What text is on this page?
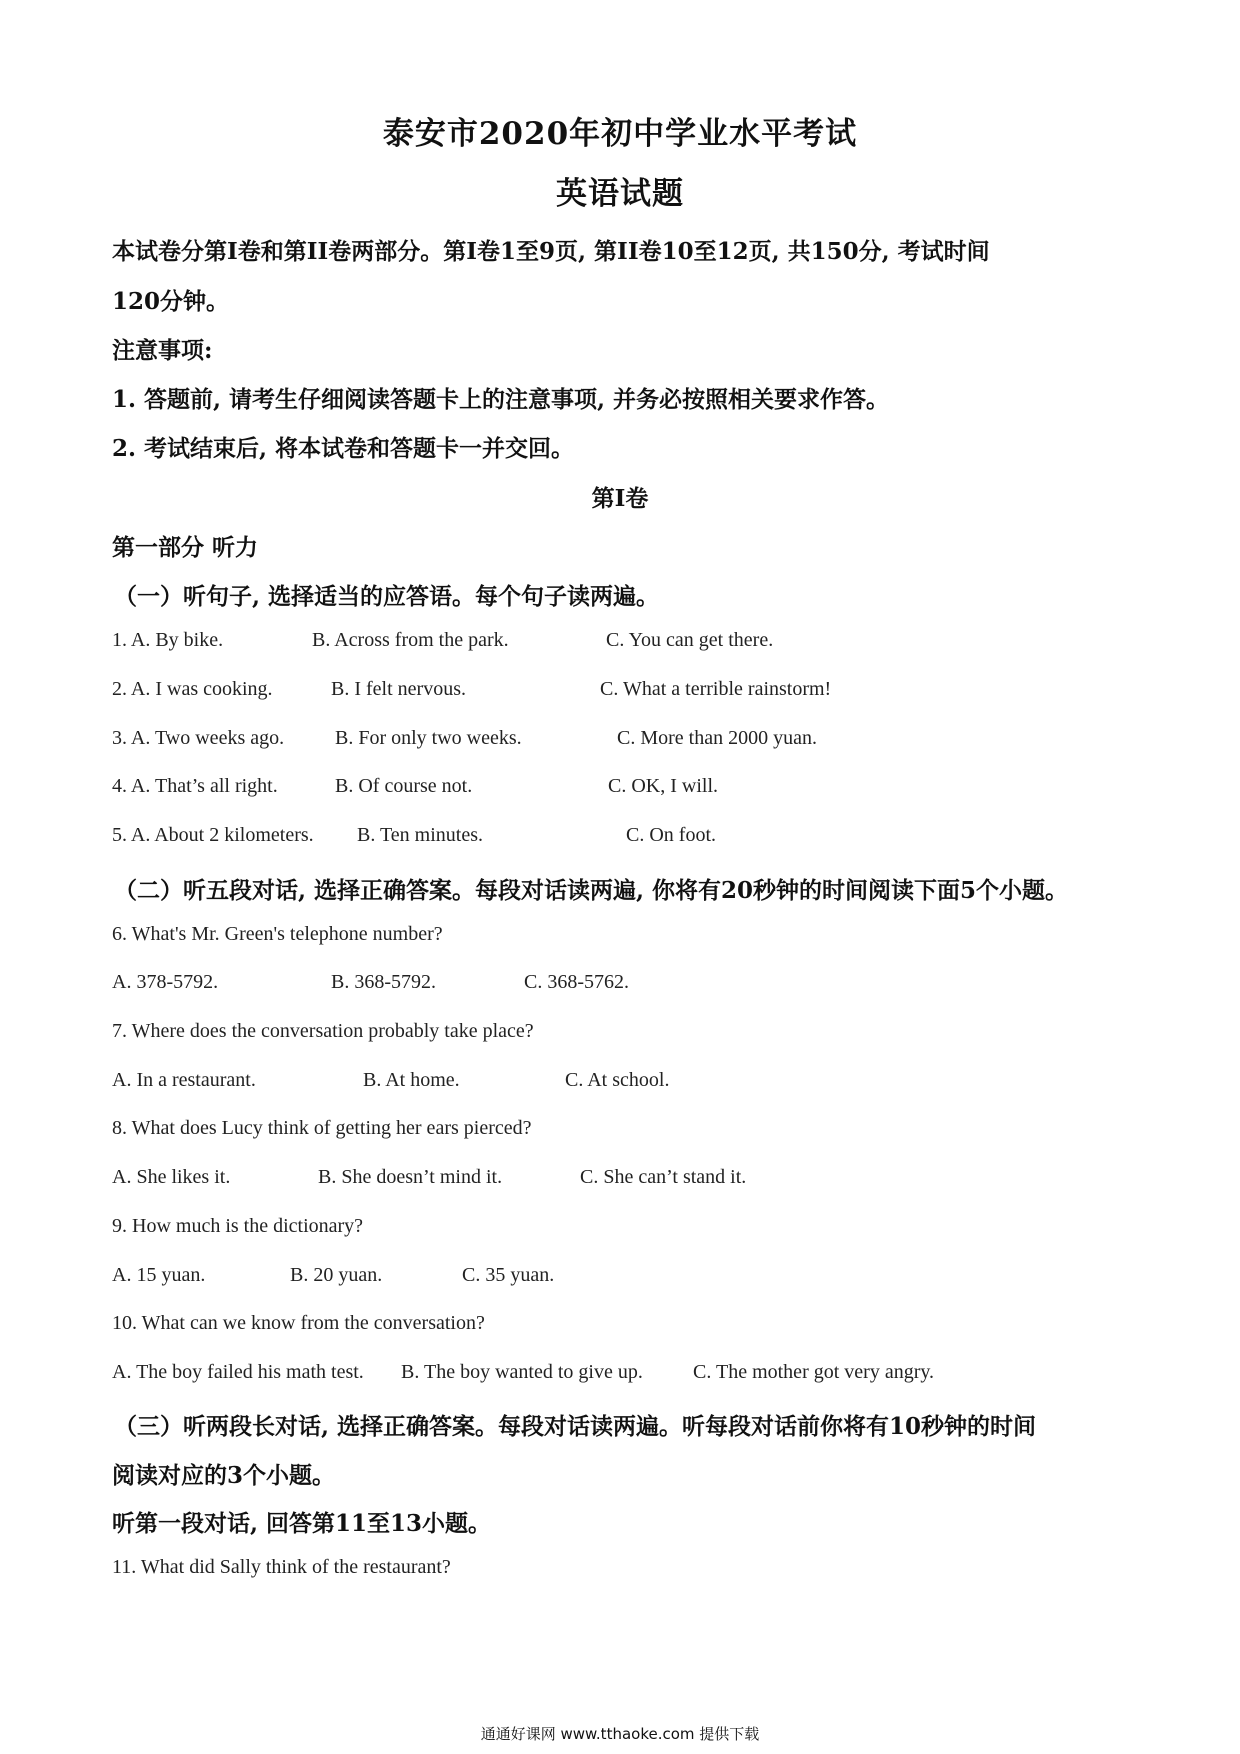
泰安市2020年初中学业水平考试
英语试题
本试卷分第I卷和第II卷两部分。第I卷1至9页, 第II卷10至12页, 共150分, 考试时间
120分钟。
注意事项:
1. 答题前, 请考生仔细阅读答题卡上的注意事项, 并务必按照相关要求作答。
2. 考试结束后, 将本试卷和答题卡一并交回。
第I卷
第一部分 听力
（一）听句子, 选择适当的应答语。每个句子读两遍。
1. A. By bike.	B. Across from the park.	C. You can get there.
2. A. I was cooking.	B. I felt nervous.	C. What a terrible rainstorm!
3. A. Two weeks ago.	B. For only two weeks.	C. More than 2000 yuan.
4. A. That’s all right.	B. Of course not.	C. OK, I will.
5. A. About 2 kilometers. B. Ten minutes.	C. On foot.
（二）听五段对话, 选择正确答案。每段对话读两遍, 你将有20秒钟的时间阅读下面5个小题。
6. What's Mr. Green's telephone number?
A. 378-5792.	B. 368-5792.	C. 368-5762.
7. Where does the conversation probably take place?
A. In a restaurant.	B. At home.	C. At school.
8. What does Lucy think of getting her ears pierced?
A. She likes it.	B. She doesn’t mind it.	C. She can’t stand it.
9. How much is the dictionary?
A. 15 yuan.	B. 20 yuan.	C. 35 yuan.
10. What can we know from the conversation?
A. The boy failed his math test. B. The boy wanted to give up.	C. The mother got very angry.
（三）听两段长对话, 选择正确答案。每段对话读两遍。听每段对话前你将有10秒钟的时间
阅读对应的3个小题。
听第一段对话, 回答第11至13小题。
11. What did Sally think of the restaurant?
通通好课网 www.tthaoke.com 提供下载
